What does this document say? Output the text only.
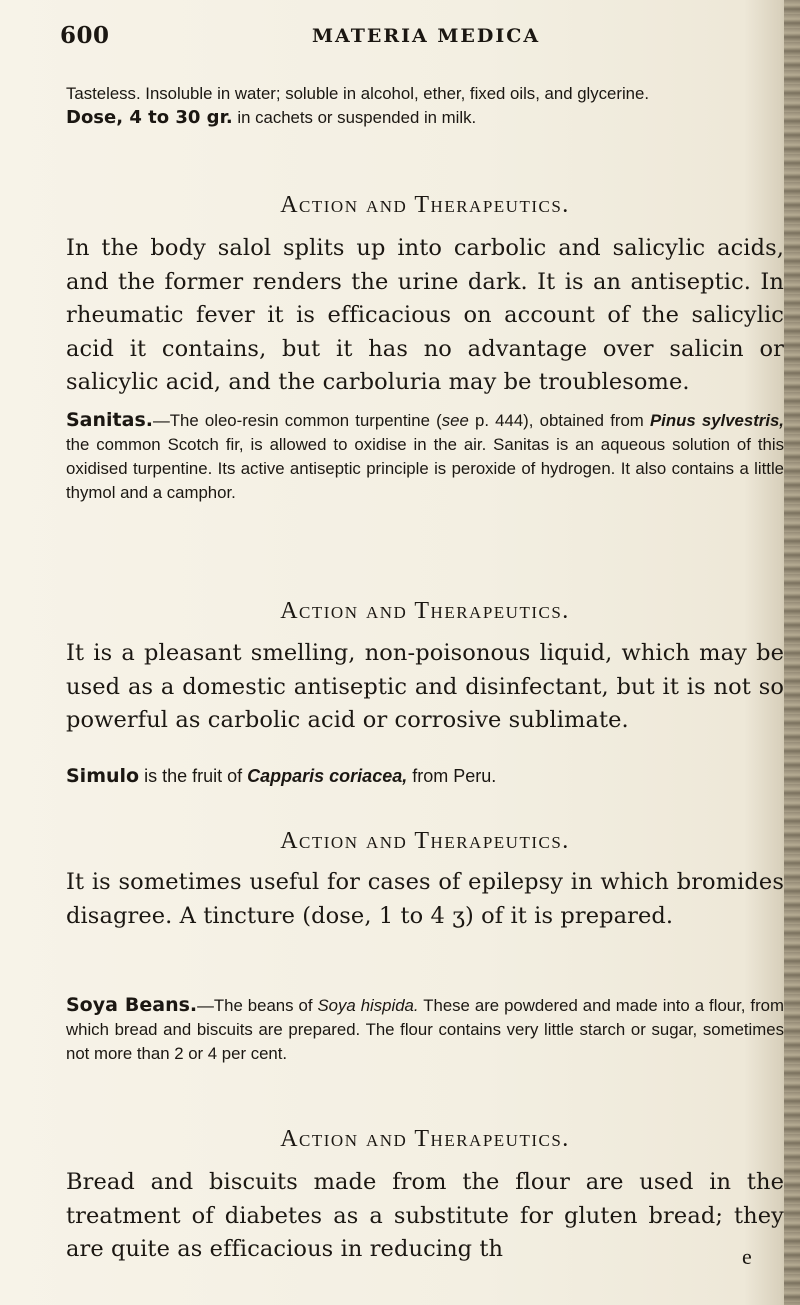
600	MATERIA MEDICA

Tasteless. Insoluble in water; soluble in alcohol, ether, fixed oils, and glycerine.

Dose, 4 to 30 gr. in cachets or suspended in milk.

Action and Therapeutics.

In the body salol splits up into carbolic and salicylic acids, and the former renders the urine dark. It is an antiseptic. In rheumatic fever it is efficacious on account of the salicylic acid it contains, but it has no advantage over salicin or salicylic acid, and the carboluria may be troublesome.

Sanitas.—The oleo-resin common turpentine (see p. 444), obtained from Pinus sylvestris, the common Scotch fir, is allowed to oxidise in the air. Sanitas is an aqueous solution of this oxidised turpentine. Its active antiseptic principle is peroxide of hydrogen. It also contains a little thymol and a camphor.

Action and Therapeutics.

It is a pleasant smelling, non-poisonous liquid, which may be used as a domestic antiseptic and disinfectant, but it is not so powerful as carbolic acid or corrosive sublimate.

Simulo is the fruit of Capparis coriacea, from Peru.

Action and Therapeutics.

It is sometimes useful for cases of epilepsy in which bromides disagree. A tincture (dose, 1 to 4 ʒ) of it is prepared.

Soya Beans.—The beans of Soya hispida. These are powdered and made into a flour, from which bread and biscuits are prepared. The flour contains very little starch or sugar, sometimes not more than 2 or 4 per cent.

Action and Therapeutics.

Bread and biscuits made from the flour are used in the treatment of diabetes as a substitute for gluten bread; they are quite as efficacious in reducing th	e
